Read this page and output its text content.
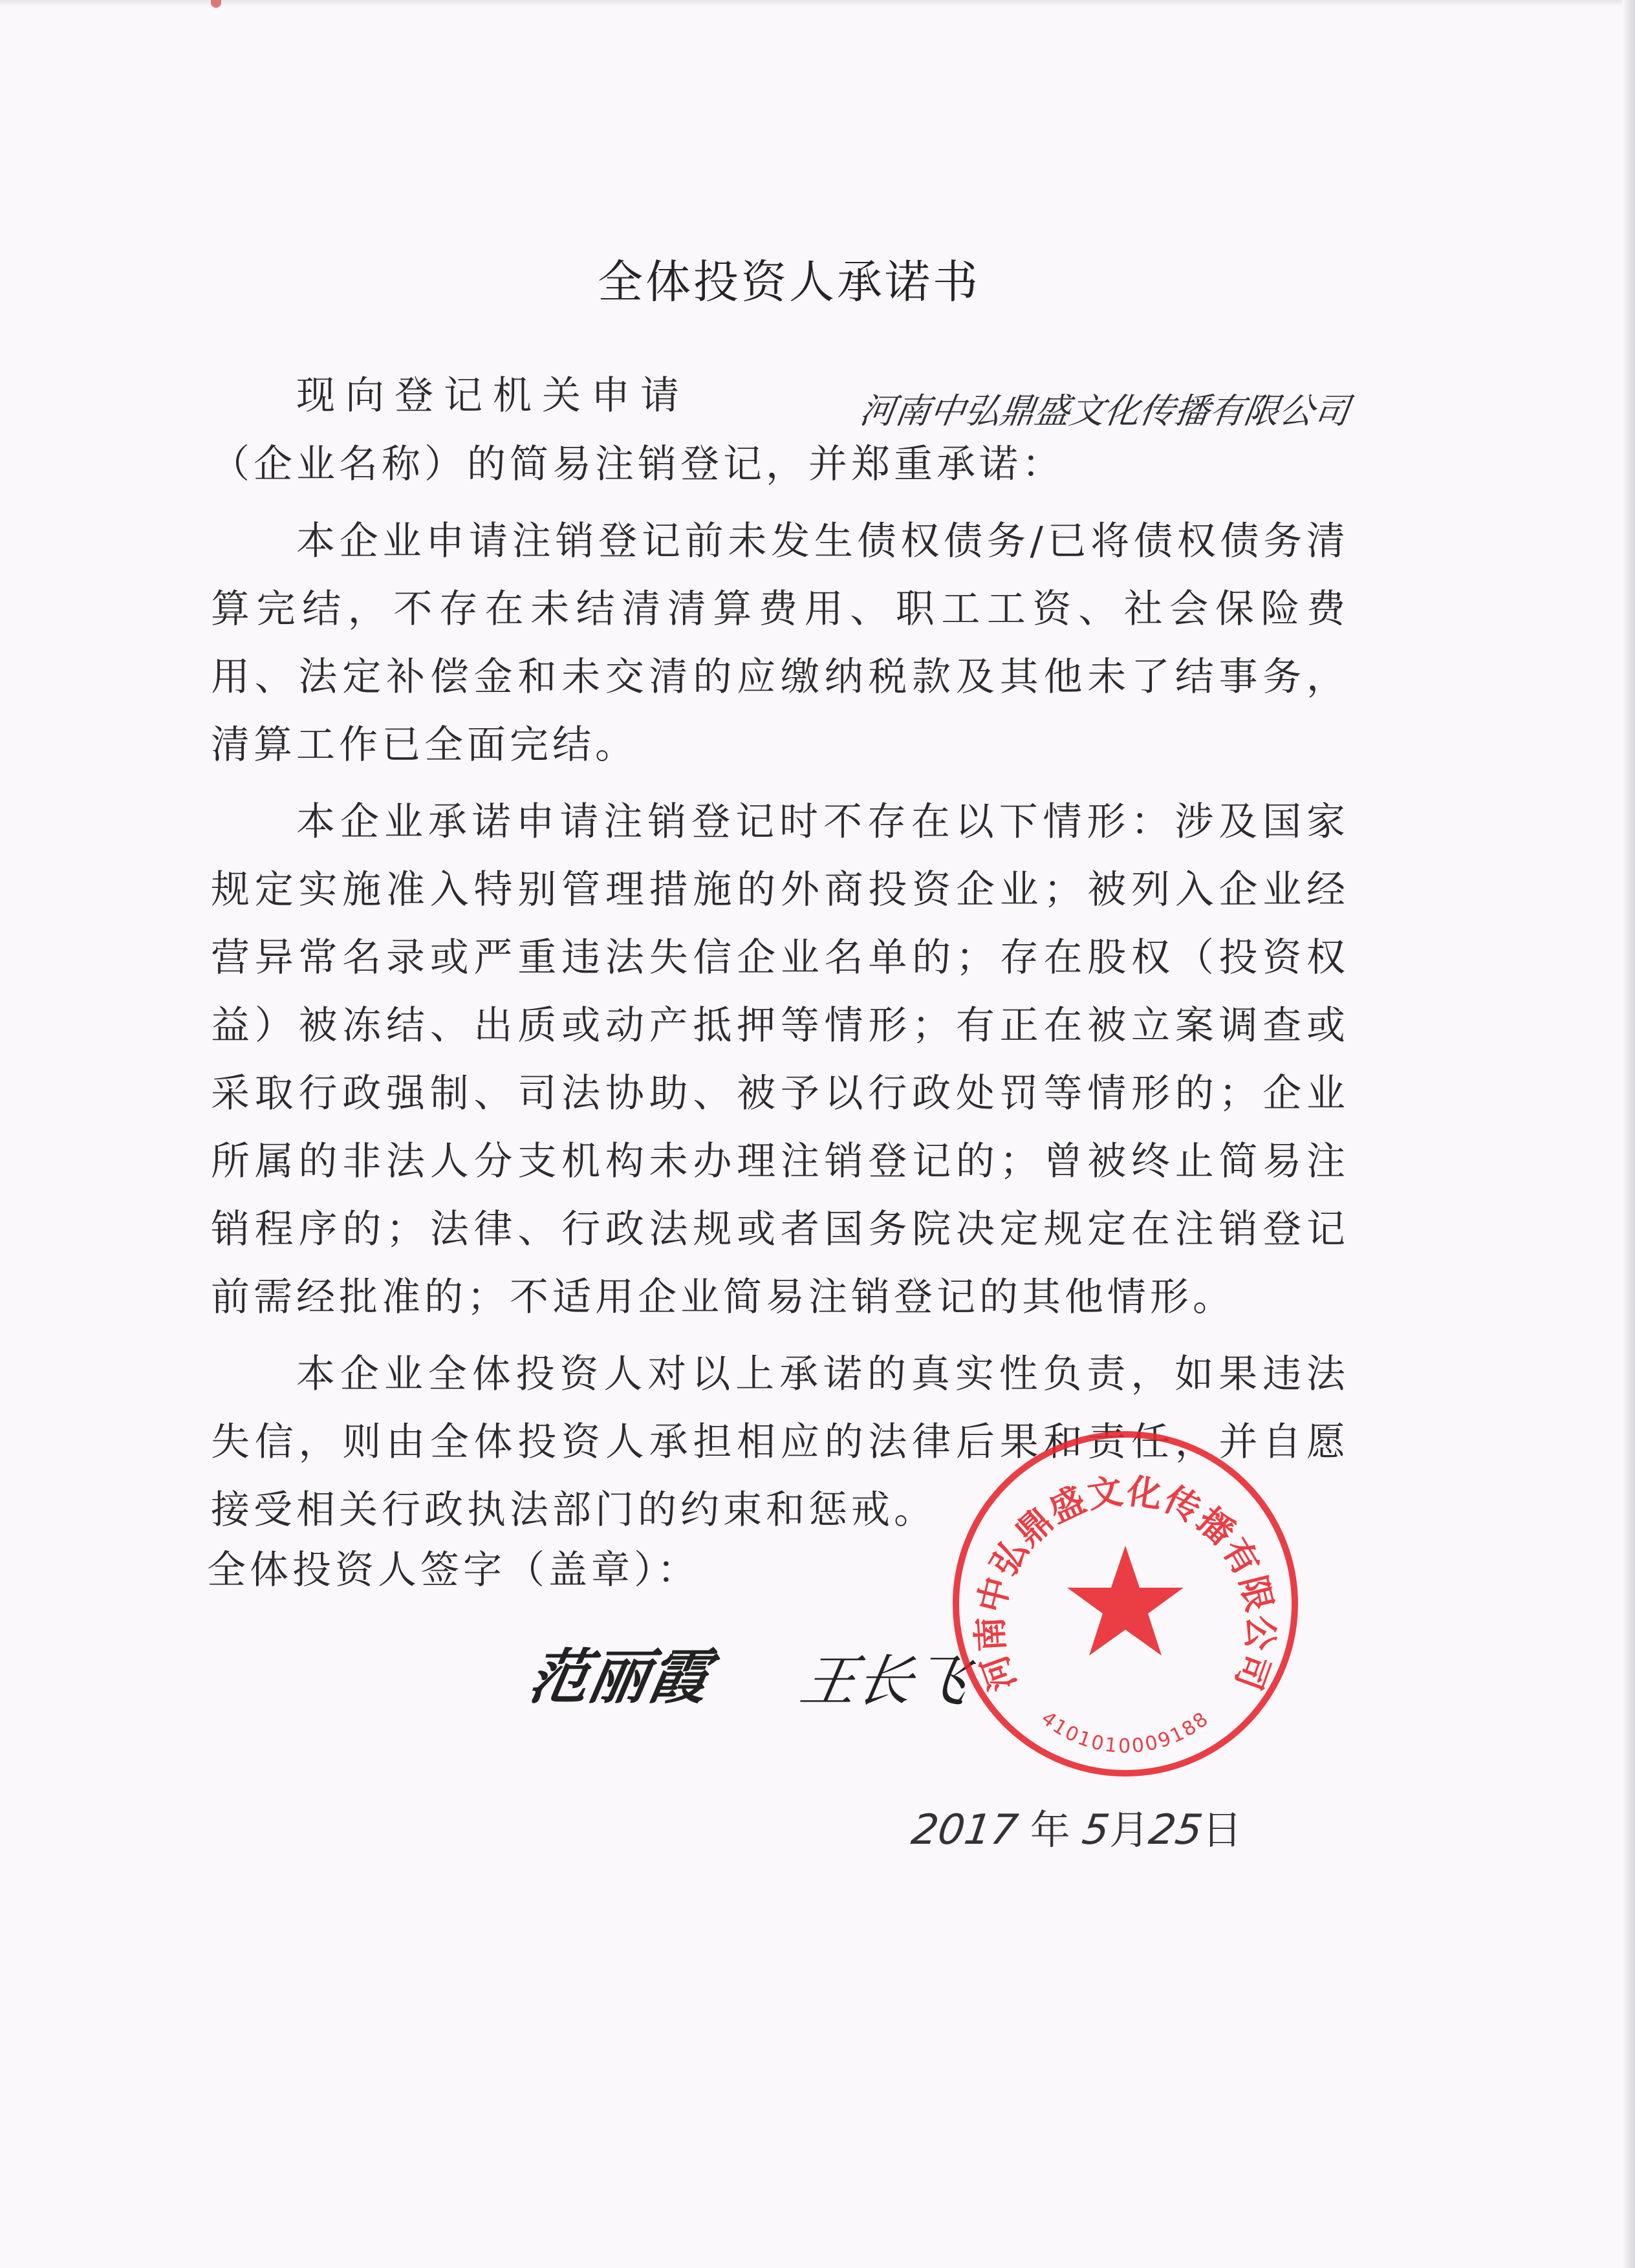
全体投资人承诺书

现向登记机关申请	河南中弘鼎盛文化传播有限公司（企业名称）的简易注销登记，并郑重承诺：

本企业申请注销登记前未发生债权债务/已将债权债务清算完结，不存在未结清清算费用、职工工资、社会保险费用、法定补偿金和未交清的应缴纳税款及其他未了结事务，清算工作已全面完结。

本企业承诺申请注销登记时不存在以下情形：涉及国家规定实施准入特别管理措施的外商投资企业；被列入企业经营异常名录或严重违法失信企业名单的；存在股权（投资权益）被冻结、出质或动产抵押等情形；有正在被立案调查或采取行政强制、司法协助、被予以行政处罚等情形的；企业所属的非法人分支机构未办理注销登记的；曾被终止简易注销程序的；法律、行政法规或者国务院决定规定在注销登记前需经批准的；不适用企业简易注销登记的其他情形。

本企业全体投资人对以上承诺的真实性负责，如果违法失信，则由全体投资人承担相应的法律后果和责任，并自愿接受相关行政执法部门的约束和惩戒。

全体投资人签字（盖章）：
范丽霞 王长飞
2017 年 5月25日
河南中弘鼎盛文化传播有限公司
4101010009188
